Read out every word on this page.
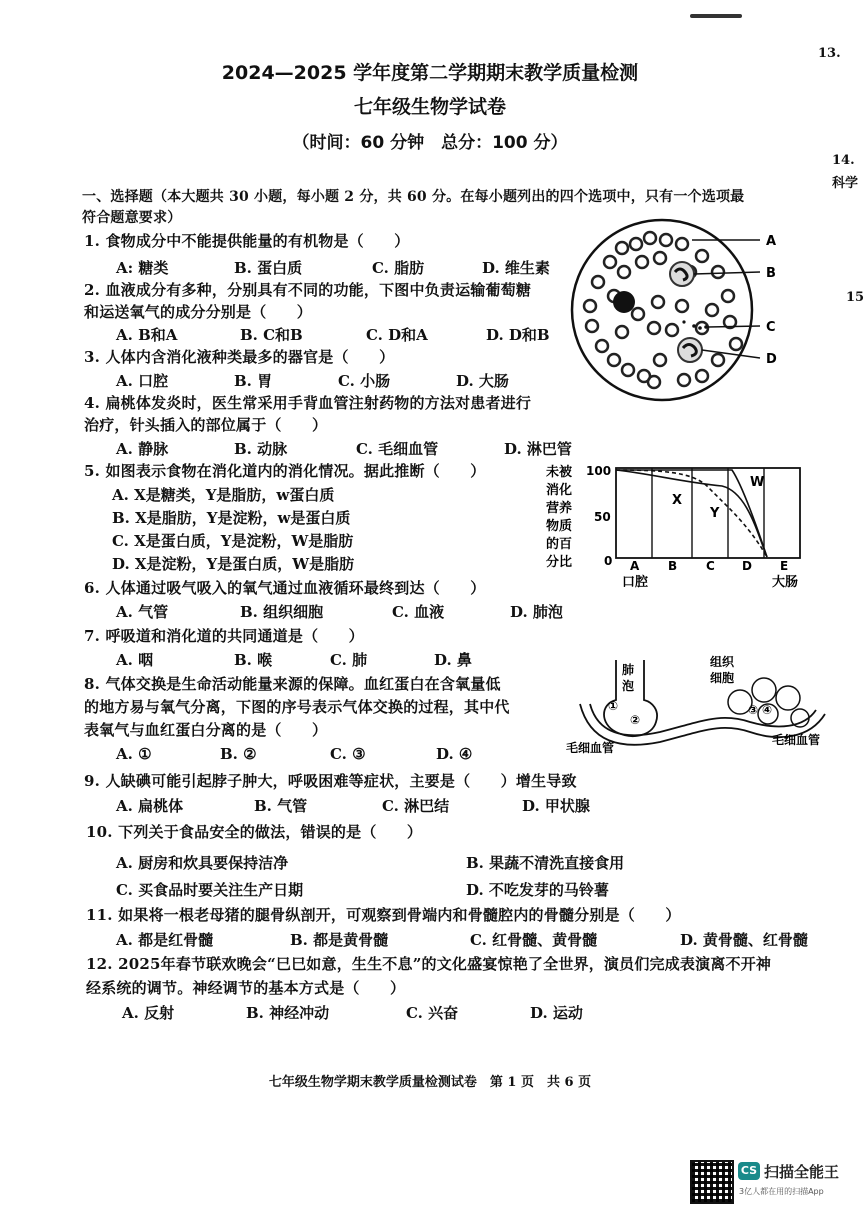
13.
14.
科学
15
2024—2025 学年度第二学期期末教学质量检测
七年级生物学试卷
（时间：60 分钟　总分：100 分）
一、选择题（本大题共 30 小题，每小题 2 分，共 60 分。在每小题列出的四个选项中，只有一个选项最
符合题意要求）
1. 食物成分中不能提供能量的有机物是（　　）
A: 糖类	B. 蛋白质	C. 脂肪	D. 维生素
2. 血液成分有多种，分别具有不同的功能，下图中负责运输葡萄糖
和运送氧气的成分分别是（　　）
A. B和A	B. C和B	C. D和A	D. D和B
3. 人体内含消化液种类最多的器官是（　　）
A. 口腔	B. 胃	C. 小肠	D. 大肠
4. 扁桃体发炎时，医生常采用手背血管注射药物的方法对患者进行
治疗，针头插入的部位属于（　　）
A. 静脉	B. 动脉	C. 毛细血管	D. 淋巴管
5. 如图表示食物在消化道内的消化情况。据此推断（　　）
A. X是糖类，Y是脂肪，w蛋白质
B. X是脂肪，Y是淀粉，w是蛋白质
C. X是蛋白质，Y是淀粉，W是脂肪
D. X是淀粉，Y是蛋白质，W是脂肪
6. 人体通过吸气吸入的氧气通过血液循环最终到达（　　）
A. 气管	B. 组织细胞	C. 血液	D. 肺泡
7. 呼吸道和消化道的共同通道是（　　）
A. 咽	B. 喉	C. 肺	D. 鼻
8. 气体交换是生命活动能量来源的保障。血红蛋白在含氧量低
的地方易与氧气分离，下图的序号表示气体交换的过程，其中代
表氧气与血红蛋白分离的是（　　）
A. ①	B. ②	C. ③	D. ④
9. 人缺碘可能引起脖子肿大，呼吸困难等症状，主要是（　　）增生导致
A. 扁桃体	B. 气管	C. 淋巴结	D. 甲状腺
10. 下列关于食品安全的做法，错误的是（　　）
A. 厨房和炊具要保持洁净	B. 果蔬不清洗直接食用
C. 买食品时要关注生产日期	D. 不吃发芽的马铃薯
11. 如果将一根老母猪的腿骨纵剖开，可观察到骨端内和骨髓腔内的骨髓分别是（　　）
A. 都是红骨髓	B. 都是黄骨髓	C. 红骨髓、黄骨髓	D. 黄骨髓、红骨髓
12. 2025年春节联欢晚会“巳巳如意，生生不息”的文化盛宴惊艳了全世界，演员们完成表演离不开神
经系统的调节。神经调节的基本方式是（　　）
A. 反射	B. 神经冲动	C. 兴奋	D. 运动
A
B
C
D
未被
消化
营养
物质
的百
分比
100
50
0
X
Y
W
A B C D E
口腔	大肠
肺
泡
组织
细胞
①
②
③ ④
毛细血管
毛细血管
七年级生物学期末教学质量检测试卷　第 1 页　共 6 页
CS 扫描全能王
3亿人都在用的扫描App
